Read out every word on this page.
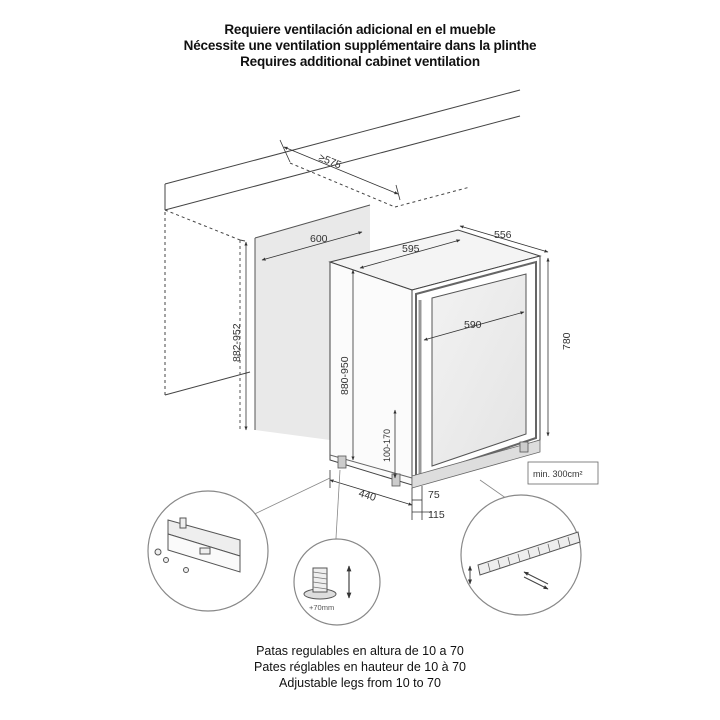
Requiere ventilación adicional en el mueble
Nécessite une ventilation supplémentaire dans la plinthe
Requires additional cabinet ventilation
≥575
600
882-952
595
556
590
780
880-950
100-170
min. 300cm²
440	75
115
+70mm
Patas regulables en altura de 10 a 70
Pates réglables en hauteur de 10 à 70
Adjustable legs from 10 to 70
